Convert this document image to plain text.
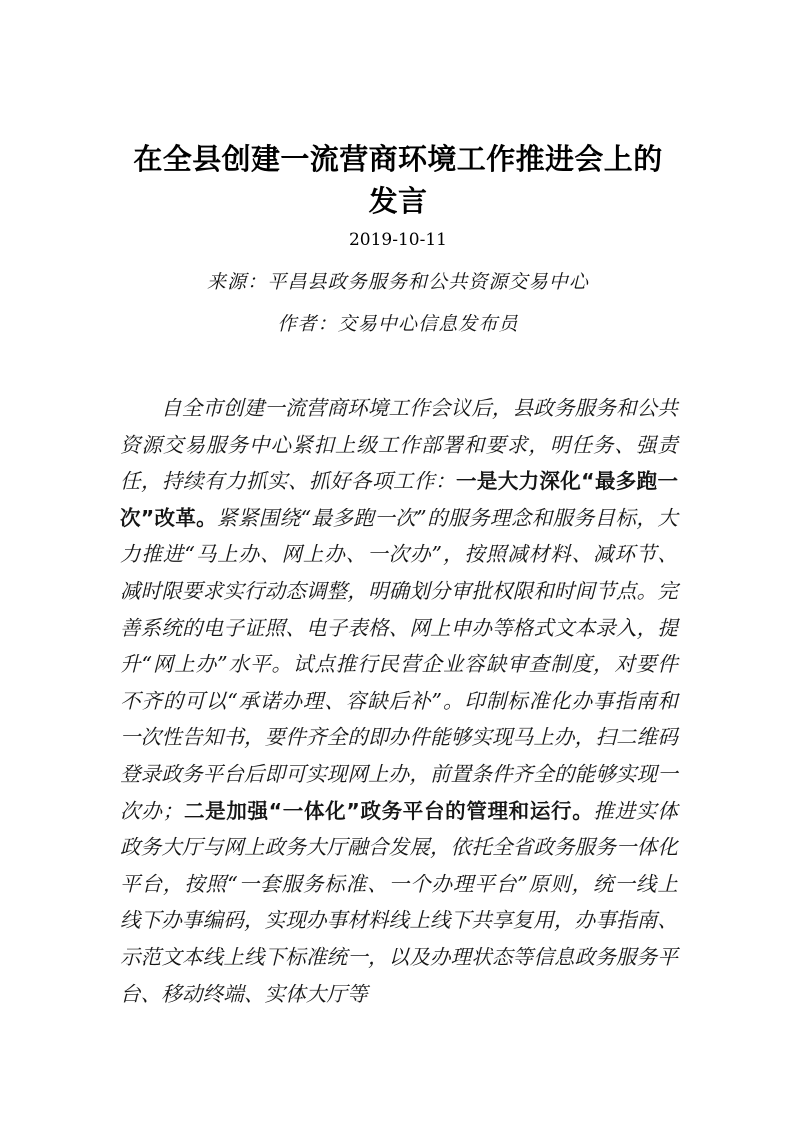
在全县创建一流营商环境工作推进会上的
发言
2019-10-11
来源：平昌县政务服务和公共资源交易中心
作者：交易中心信息发布员

自全市创建一流营商环境工作会议后，县政务服务和公共资源交易服务中心紧扣上级工作部署和要求，明任务、强责任，持续有力抓实、抓好各项工作：一是大力深化“最多跑一次”改革。紧紧围绕“最多跑一次”的服务理念和服务目标，大力推进“马上办、网上办、一次办”，按照减材料、减环节、减时限要求实行动态调整，明确划分审批权限和时间节点。完善系统的电子证照、电子表格、网上申办等格式文本录入，提升“网上办”水平。试点推行民营企业容缺审查制度，对要件不齐的可以“承诺办理、容缺后补”。印制标准化办事指南和一次性告知书，要件齐全的即办件能够实现马上办，扫二维码登录政务平台后即可实现网上办，前置条件齐全的能够实现一次办；二是加强“一体化”政务平台的管理和运行。推进实体政务大厅与网上政务大厅融合发展，依托全省政务服务一体化平台，按照“一套服务标准、一个办理平台”原则，统一线上线下办事编码，实现办事材料线上线下共享复用，办事指南、示范文本线上线下标准统一，以及办理状态等信息政务服务平台、移动终端、实体大厅等
